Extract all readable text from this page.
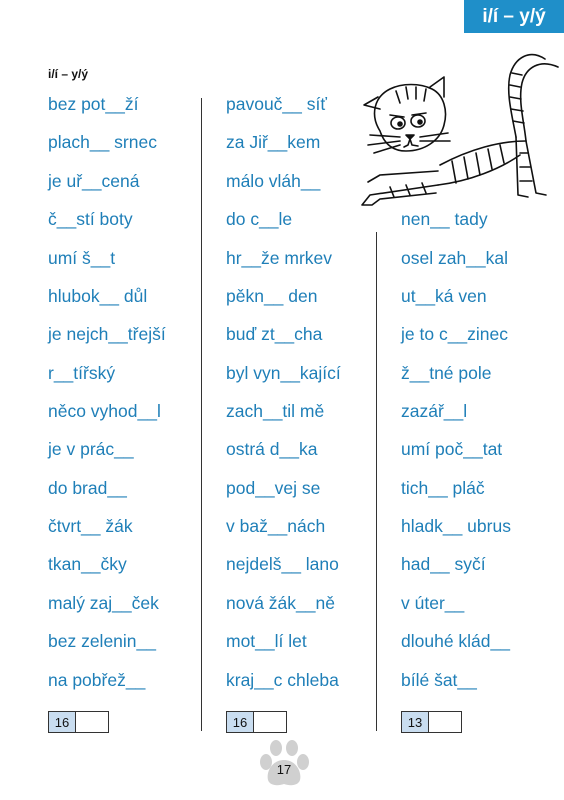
i/í – y/ý
i/í – y/ý
bez pot__ží
plach__ srnec
je uř__cená
č__stí boty
umí š__t
hlubok__ důl
je nejch__třejší
r__tířský
něco vyhod__l
je v prác__
do brad__
čtvrt__ žák
tkan__čky
malý zaj__ček
bez zelenin__
na pobřež__
pavouč__ síť
za Jiř__kem
málo vláh__
do c__le
hr__že mrkev
pěkn__ den
buď zt__cha
byl vyn__kající
zach__til mě
ostrá d__ka
pod__vej se
v baž__nách
nejdelš__ lano
nová žák__ně
mot__lí let
kraj__c chleba
nen__ tady
osel zah__kal
ut__ká ven
je to c__zinec
ž__tné pole
zazář__l
umí poč__tat
tich__ pláč
hladk__ ubrus
had__ syčí
v úter__
dlouhé klád__
bílé šat__
16	16	13
17
